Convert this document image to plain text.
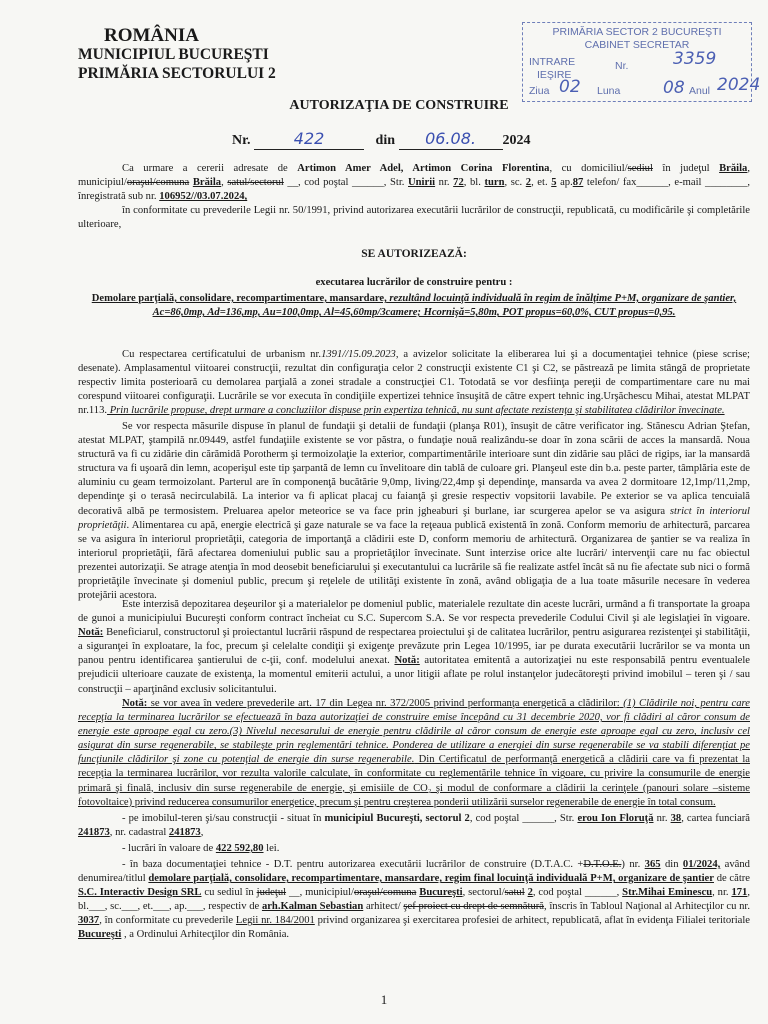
ROMÂNIA
MUNICIPIUL BUCUREŞTI
PRIMĂRIA SECTORULUI 2
PRIMĂRIA SECTOR 2 BUCUREŞTI
CABINET SECRETAR
INTRARE	Nr.	3359
IEŞIRE
Ziua 02 Luna	08 Anul 2024
AUTORIZAŢIA DE CONSTRUIRE
Nr.	422	din 06.08. 2024

Ca urmare a cererii adresate de Artimon Amer Adel, Artimon Corina Florentina, cu domiciliul/sediul în judeţul Brăila, municipiul/oraşul/comuna Brăila, satul/sectorul __, cod poştal ______, Str. Unirii nr. 72, bl. turn, sc. 2, et. 5 ap.87 telefon/ fax______, e-mail ________, înregistrată sub nr. 106952//03.07.2024,

în conformitate cu prevederile Legii nr. 50/1991, privind autorizarea executării lucrărilor de construcţii, republicată, cu modificările şi completările ulterioare,

SE AUTORIZEAZĂ:
executarea lucrărilor de construire pentru :
Demolare parţială, consolidare, recompartimentare, mansardare, rezultând locuinţă individuală în regim de înălţime P+M, organizare de şantier, Ac=86,0mp, Ad=136,mp, Au=100,0mp, Al=45,60mp/3camere; Hcornişă=5,80m, POT propus=60,0%, CUT propus=0,95.

Cu respectarea certificatului de urbanism nr.1391//15.09.2023, a avizelor solicitate la eliberarea lui şi a documentaţiei tehnice (piese scrise; desenate). Amplasamentul viitoarei construcţii, rezultat din configuraţia celor 2 construcţii existente C1 şi C2, se păstrează pe limita stângă de proprietate respectiv limita posterioară cu demolarea parţială a zonei stradale a construcţiei C1. Totodată se vor desfiinţa pereţii de compartimentare care nu mai corespund viitoarei configuraţii. Lucrările se vor executa în condiţiile expertizei tehnice însuşită de către expert tehnic ing.Urşăchescu Mihai, atestat MLPAT nr.113. Prin lucrările propuse, drept urmare a concluziilor dispuse prin expertiza tehnică, nu sunt afectate rezistenţa şi stabilitatea clădirilor învecinate.

Se vor respecta măsurile dispuse în planul de fundaţii şi detalii de fundaţii (planşa R01), însuşit de către verificator ing. Stănescu Adrian Ştefan, atestat MLPAT, ştampilă nr.09449, astfel fundaţiile existente se vor păstra, o fundaţie nouă realizându-se doar în zona scării de acces la mansardă. Noua structură va fi cu zidărie din cărămidă Porotherm şi termoizolaţie la exterior, compartimentările interioare sunt din zidărie sau plăci de rigips, iar la mansardă structura va fi uşoară din lemn, acoperişul este tip şarpantă de lemn cu învelitoare din tablă de culoare gri. Planşeul este din b.a. peste parter, tâmplăria este de aluminiu cu geam termoizolant. Parterul are în componenţă bucătărie 9,0mp, living/22,4mp şi dependinţe, mansarda va avea 2 dormitoare 12,1mp/11,2mp, dependinţe şi o terasă necirculabilă. La interior va fi aplicat placaj cu faianţă şi gresie respectiv vopsitorii lavabile. Pe exterior se va aplica tencuială decorativă albă pe termosistem. Preluarea apelor meteorice se va face prin jgheaburi şi burlane, iar scurgerea apelor se va asigura strict în interiorul proprietăţii. Alimentarea cu apă, energie electrică şi gaze naturale se va face la reţeaua publică existentă în zonă. Conform memoriu de arhitectură, parcarea se va asigura în interiorul proprietăţii, categoria de importanţă a clădirii este D, conform memoriu de arhitectură. Organizarea de şantier se va realiza în interiorul proprietăţii, fără afectarea domeniului public sau a proprietăţilor învecinate. Sunt interzise orice alte lucrări/ intervenţii care nu fac obiectul prezentei autorizaţii. Se atrage atenţia în mod deosebit beneficiarului şi executantului ca lucrările să fie realizate astfel încât să nu fie afectate sub nici o formă proprietăţile învecinate şi domeniul public, precum şi reţelele de utilităţi existente în zonă, având obligaţia de a lua toate măsurile necesare în vederea protejării acestora.

Este interzisă depozitarea deşeurilor şi a materialelor pe domeniul public, materialele rezultate din aceste lucrări, urmând a fi transportate la groapa de gunoi a municipiului Bucureşti conform contract încheiat cu S.C. Supercom S.A. Se vor respecta prevederile Codului Civil şi ale legislaţiei în vigoare. Notă: Beneficiarul, constructorul şi proiectantul lucrării răspund de respectarea proiectului şi de calitatea lucrărilor, pentru asigurarea rezistenţei şi stabilităţii, a siguranţei în exploatare, la foc, precum şi celelalte condiţii şi exigenţe prevăzute prin Legea 10/1995, iar pe durata executării lucrărilor se va monta un panou pentru identificarea şantierului de c-ţii, conf. modelului anexat. Notă: autoritatea emitentă a autorizaţiei nu este responsabilă pentru eventualele prejudicii ulterioare cauzate de existenţa, la momentul emiterii actului, a unor litigii aflate pe rolul instanţelor judecătoreşti privind imobilul – teren şi / sau construcţii – aparţinând exclusiv solicitantului.

Notă: se vor avea în vedere prevederile art. 17 din Legea nr. 372/2005 privind performanţa energetică a clădirilor: (1) Clădirile noi, pentru care recepţia la terminarea lucrărilor se efectuează în baza autorizaţiei de construire emise începând cu 31 decembrie 2020, vor fi clădiri al căror consum de energie este aproape egal cu zero.(3) Nivelul necesarului de energie pentru clădirile al căror consum de energie este aproape egal cu zero, inclusiv cel asigurat din surse regenerabile, se stabileşte prin reglementări tehnice. Ponderea de utilizare a energiei din surse regenerabile se va stabili diferenţiat pe funcţiunile clădirilor şi zone cu potenţial de energie din surse regenerabile. Din Certificatul de performanţă energetică a clădirii care va fi prezentat la recepţia la terminarea lucrărilor, vor rezulta valorile calculate, în conformitate cu reglementările tehnice în vigoare, cu privire la consumurile de energie primară şi finală, inclusiv din surse regenerabile de energie, şi emisiile de CO₂ şi modul de conformare a clădirii la cerinţele (panouri solare –sisteme fotovoltaice) privind reducerea consumurilor energetice, precum şi pentru creşterea ponderii utilizării surselor regenerabile de energie în total consum.

- pe imobilul-teren şi/sau construcţii - situat în municipiul Bucureşti, sectorul 2, cod poştal ______, Str. erou Ion Floruţă nr. 38, cartea funciară 241873, nr. cadastral 241873,

- lucrări în valoare de 422 592,80 lei.

- în baza documentaţiei tehnice - D.T. pentru autorizarea executării lucrărilor de construire (D.T.A.C. +D.T.O.E.) nr. 365 din 01/2024, având denumirea/titlul demolare parţială, consolidare, recompartimentare, mansardare, regim final locuinţă individuală P+M, organizare de şantier de către S.C. Interactiv Design SRL cu sediul în judeţul __, municipiul/oraşul/comuna Bucureşti, sectorul/satul 2, cod poştal ______, Str.Mihai Eminescu, nr. 171, bl.___, sc.___, et.___, ap.___, respectiv de arh.Kalman Sebastian arhitect/ şef proiect cu drept de semnătură, înscris în Tabloul Naţional al Arhitecţilor cu nr. 3037, în conformitate cu prevederile Legii nr. 184/2001 privind organizarea şi exercitarea profesiei de arhitect, republicată, aflat în evidenţa Filialei teritoriale Bucureşti , a Ordinului Arhitecţilor din România.

1
